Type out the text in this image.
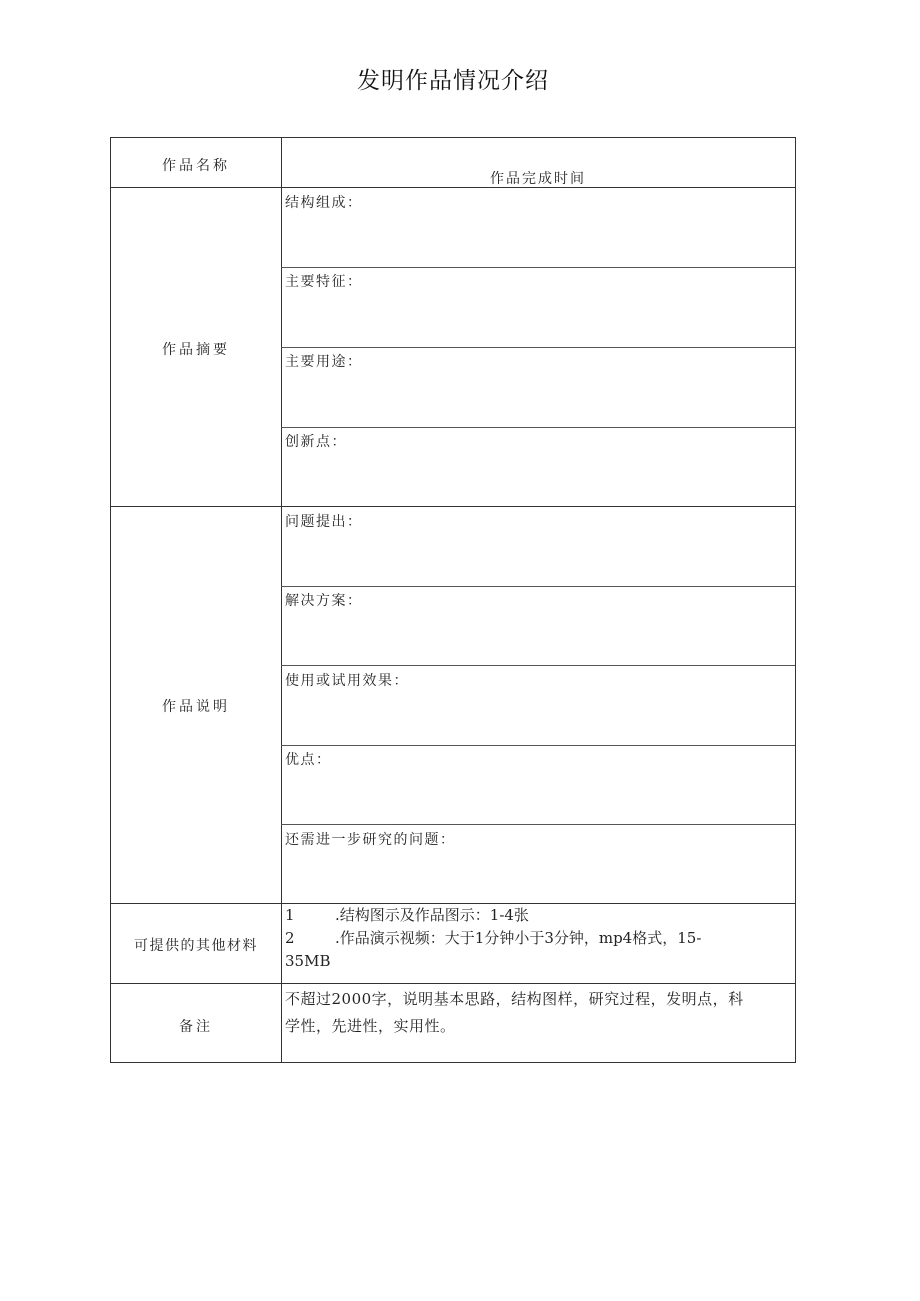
发明作品情况介绍
作品名称
作品完成时间
作品摘要
结构组成：
主要特征：
主要用途：
创新点：
作品说明
问题提出：
解决方案：
使用或试用效果：
优点：
还需进一步研究的问题：
可提供的其他材料
1	.结构图示及作品图示：1-4张
2	.作品演示视频：大于1分钟小于3分钟，mp4格式，15-
35MB
备注
不超过2000字，说明基本思路，结构图样，研究过程，发明点，科
学性，先进性，实用性。
